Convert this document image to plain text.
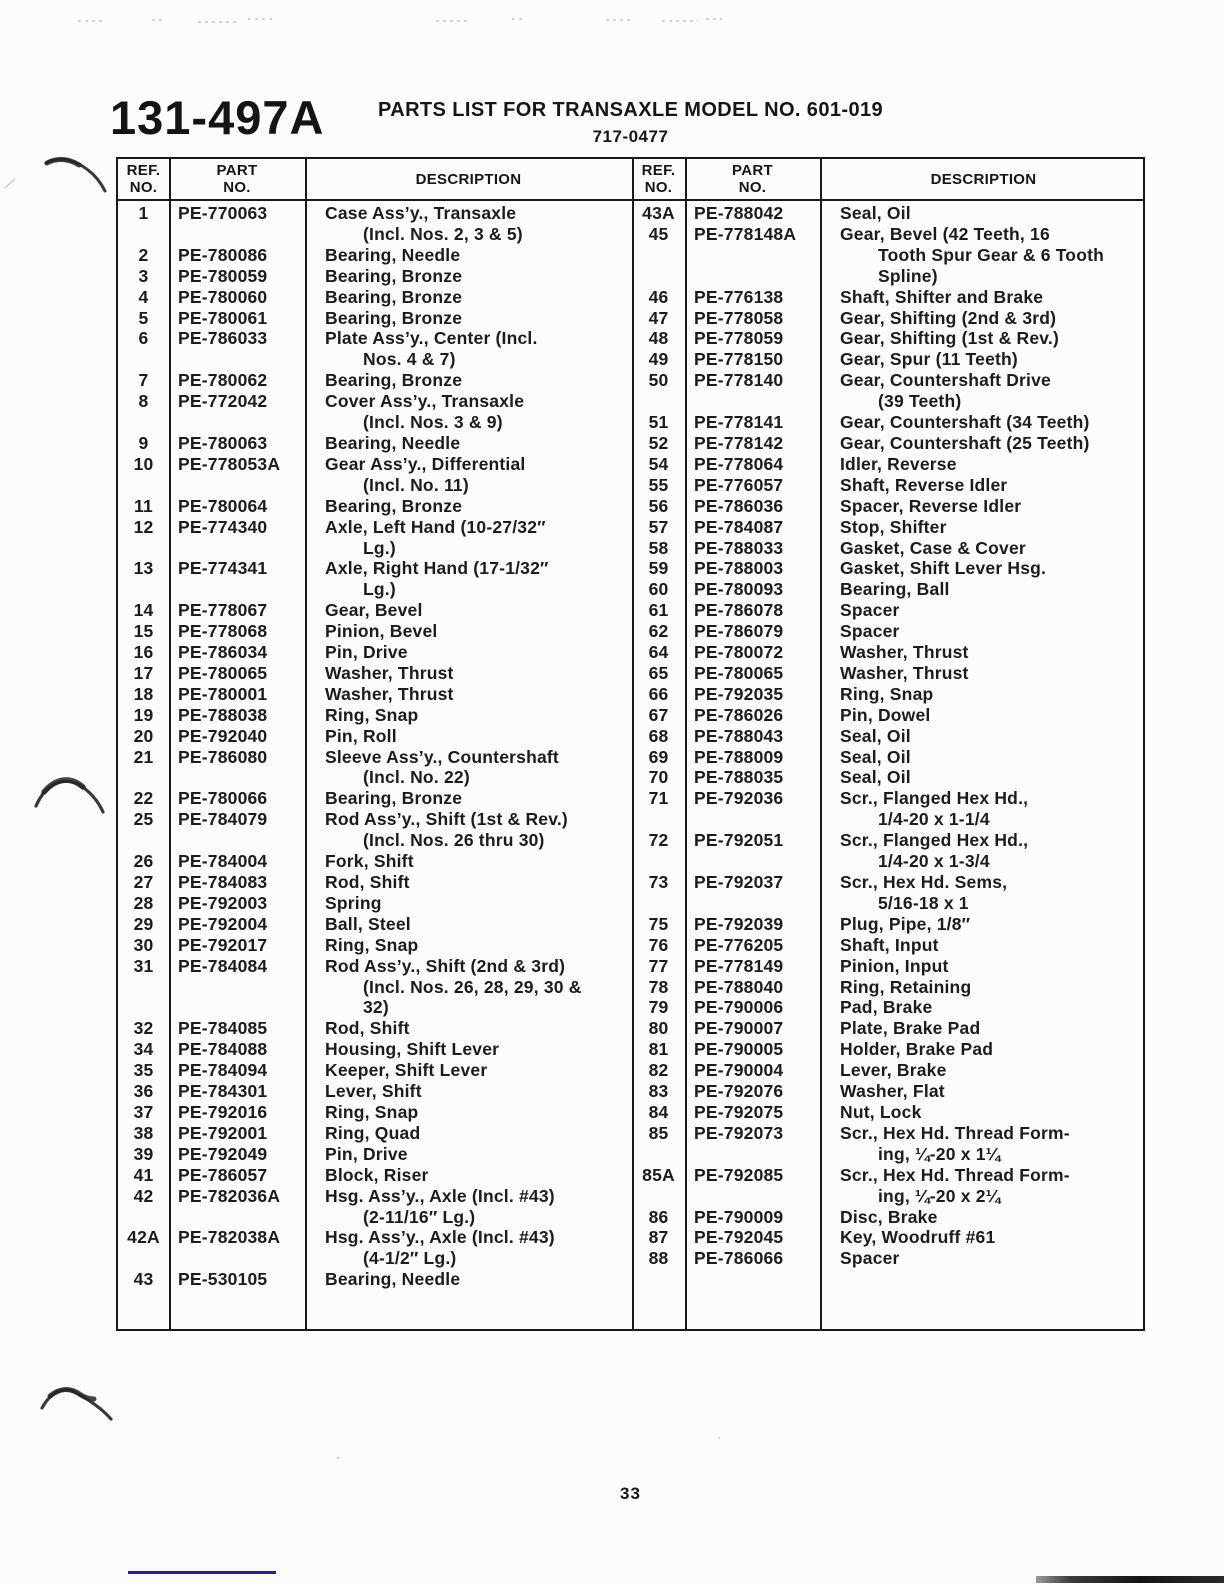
131-497A	PARTS LIST FOR TRANSAXLE MODEL NO. 601-019
717-0477
REF.
NO.
PART
NO.	DESCRIPTION	REF.
NO.
PART
NO.	DESCRIPTION
1	PE-770063	Case Ass’y., Transaxle
(Incl. Nos. 2, 3 & 5)
2	PE-780086	Bearing, Needle
3	PE-780059	Bearing, Bronze
4	PE-780060	Bearing, Bronze
5	PE-780061	Bearing, Bronze
6	PE-786033	Plate Ass’y., Center (Incl.
Nos. 4 & 7)
7	PE-780062	Bearing, Bronze
8	PE-772042	Cover Ass’y., Transaxle
(Incl. Nos. 3 & 9)
9	PE-780063	Bearing, Needle
10	PE-778053A	Gear Ass’y., Differential
(Incl. No. 11)
11	PE-780064	Bearing, Bronze
12	PE-774340	Axle, Left Hand (10-27/32″
Lg.)
13	PE-774341	Axle, Right Hand (17-1/32″
Lg.)
14	PE-778067	Gear, Bevel
15	PE-778068	Pinion, Bevel
16	PE-786034	Pin, Drive
17	PE-780065	Washer, Thrust
18	PE-780001	Washer, Thrust
19	PE-788038	Ring, Snap
20	PE-792040	Pin, Roll
21	PE-786080	Sleeve Ass’y., Countershaft
(Incl. No. 22)
22	PE-780066	Bearing, Bronze
25	PE-784079	Rod Ass’y., Shift (1st & Rev.)
(Incl. Nos. 26 thru 30)
26	PE-784004	Fork, Shift
27	PE-784083	Rod, Shift
28	PE-792003	Spring
29	PE-792004	Ball, Steel
30	PE-792017	Ring, Snap
31	PE-784084	Rod Ass’y., Shift (2nd & 3rd)
(Incl. Nos. 26, 28, 29, 30 &
32)
32	PE-784085	Rod, Shift
34	PE-784088	Housing, Shift Lever
35	PE-784094	Keeper, Shift Lever
36	PE-784301	Lever, Shift
37	PE-792016	Ring, Snap
38	PE-792001	Ring, Quad
39	PE-792049	Pin, Drive
41	PE-786057	Block, Riser
42	PE-782036A	Hsg. Ass’y., Axle (Incl. #43)
(2-11/16″ Lg.)
42A	PE-782038A	Hsg. Ass’y., Axle (Incl. #43)
(4-1/2″ Lg.)
43	PE-530105	Bearing, Needle
43A	PE-788042	Seal, Oil
45	PE-778148A	Gear, Bevel (42 Teeth, 16
Tooth Spur Gear & 6 Tooth
Spline)
46	PE-776138	Shaft, Shifter and Brake
47	PE-778058	Gear, Shifting (2nd & 3rd)
48	PE-778059	Gear, Shifting (1st & Rev.)
49	PE-778150	Gear, Spur (11 Teeth)
50	PE-778140	Gear, Countershaft Drive
(39 Teeth)
51	PE-778141	Gear, Countershaft (34 Teeth)
52	PE-778142	Gear, Countershaft (25 Teeth)
54	PE-778064	Idler, Reverse
55	PE-776057	Shaft, Reverse Idler
56	PE-786036	Spacer, Reverse Idler
57	PE-784087	Stop, Shifter
58	PE-788033	Gasket, Case & Cover
59	PE-788003	Gasket, Shift Lever Hsg.
60	PE-780093	Bearing, Ball
61	PE-786078	Spacer
62	PE-786079	Spacer
64	PE-780072	Washer, Thrust
65	PE-780065	Washer, Thrust
66	PE-792035	Ring, Snap
67	PE-786026	Pin, Dowel
68	PE-788043	Seal, Oil
69	PE-788009	Seal, Oil
70	PE-788035	Seal, Oil
71	PE-792036	Scr., Flanged Hex Hd.,
1/4-20 x 1-1/4
72	PE-792051	Scr., Flanged Hex Hd.,
1/4-20 x 1-3/4
73	PE-792037	Scr., Hex Hd. Sems,
5/16-18 x 1
75	PE-792039	Plug, Pipe, 1/8″
76	PE-776205	Shaft, Input
77	PE-778149	Pinion, Input
78	PE-788040	Ring, Retaining
79	PE-790006	Pad, Brake
80	PE-790007	Plate, Brake Pad
81	PE-790005	Holder, Brake Pad
82	PE-790004	Lever, Brake
83	PE-792076	Washer, Flat
84	PE-792075	Nut, Lock
85	PE-792073	Scr., Hex Hd. Thread Form-
ing, ¼-20 x 1¼
85A	PE-792085	Scr., Hex Hd. Thread Form-
ing, ¼-20 x 2¼
86	PE-790009	Disc, Brake
87	PE-792045	Key, Woodruff #61
88	PE-786066	Spacer
33
